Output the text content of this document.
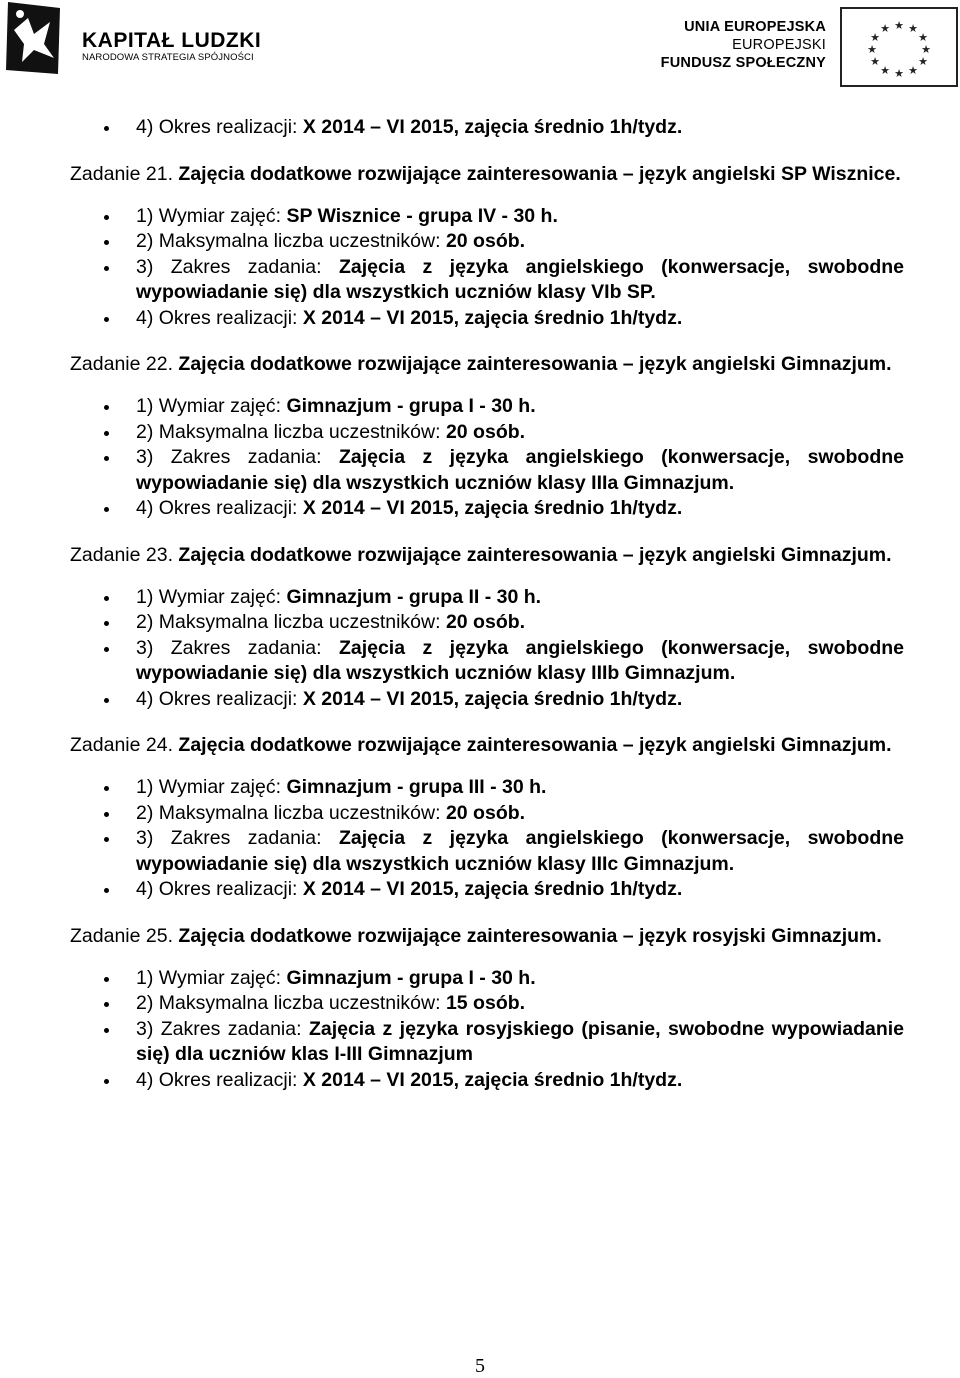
KAPITAŁ LUDZKI
NARODOWA STRATEGIA SPÓJNOŚCI
UNIA EUROPEJSKA
EUROPEJSKI
FUNDUSZ SPOŁECZNY
★ ★
★
★
★
★
★
★
★
★
★
★
4) Okres realizacji: X 2014 – VI 2015, zajęcia średnio 1h/tydz.

Zadanie 21. Zajęcia dodatkowe rozwijające zainteresowania – język angielski SP Wisznice.

1) Wymiar zajęć: SP Wisznice - grupa IV - 30 h.
2) Maksymalna liczba uczestników: 20 osób.
3) Zakres zadania: Zajęcia z języka angielskiego (konwersacje, swobodne wypowiadanie się) dla wszystkich uczniów klasy VIb SP.
4) Okres realizacji: X 2014 – VI 2015, zajęcia średnio 1h/tydz.

Zadanie 22. Zajęcia dodatkowe rozwijające zainteresowania – język angielski Gimnazjum.

1) Wymiar zajęć: Gimnazjum - grupa I - 30 h.
2) Maksymalna liczba uczestników: 20 osób.
3) Zakres zadania: Zajęcia z języka angielskiego (konwersacje, swobodne wypowiadanie się) dla wszystkich uczniów klasy IIIa Gimnazjum.
4) Okres realizacji: X 2014 – VI 2015, zajęcia średnio 1h/tydz.

Zadanie 23. Zajęcia dodatkowe rozwijające zainteresowania – język angielski Gimnazjum.

1) Wymiar zajęć: Gimnazjum - grupa II - 30 h.
2) Maksymalna liczba uczestników: 20 osób.
3) Zakres zadania: Zajęcia z języka angielskiego (konwersacje, swobodne wypowiadanie się) dla wszystkich uczniów klasy IIIb Gimnazjum.
4) Okres realizacji: X 2014 – VI 2015, zajęcia średnio 1h/tydz.

Zadanie 24. Zajęcia dodatkowe rozwijające zainteresowania – język angielski Gimnazjum.

1) Wymiar zajęć: Gimnazjum - grupa III - 30 h.
2) Maksymalna liczba uczestników: 20 osób.
3) Zakres zadania: Zajęcia z języka angielskiego (konwersacje, swobodne wypowiadanie się) dla wszystkich uczniów klasy IIIc Gimnazjum.
4) Okres realizacji: X 2014 – VI 2015, zajęcia średnio 1h/tydz.

Zadanie 25. Zajęcia dodatkowe rozwijające zainteresowania – język rosyjski Gimnazjum.

1) Wymiar zajęć: Gimnazjum - grupa I - 30 h.
2) Maksymalna liczba uczestników: 15 osób.
3) Zakres zadania: Zajęcia z języka rosyjskiego (pisanie, swobodne wypowiadanie się) dla uczniów klas I-III Gimnazjum
4) Okres realizacji: X 2014 – VI 2015, zajęcia średnio 1h/tydz.
5
